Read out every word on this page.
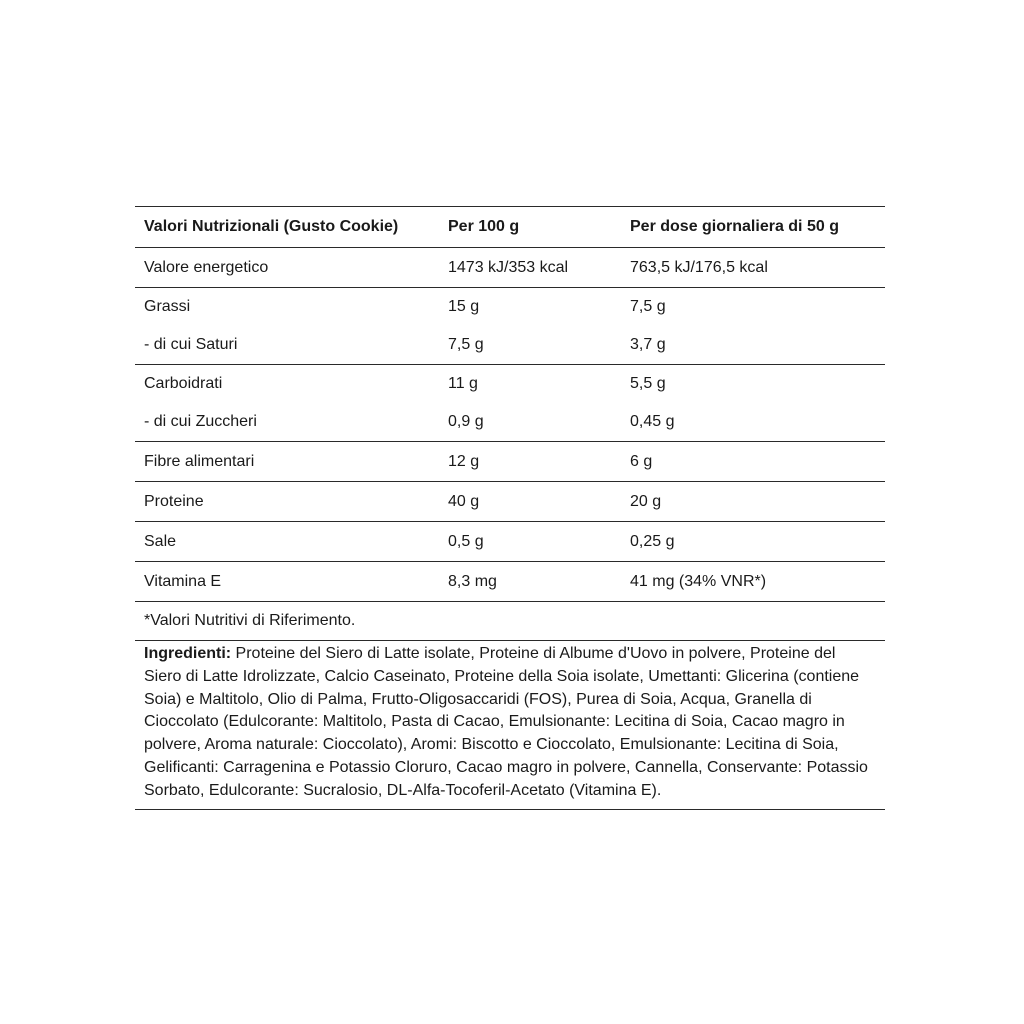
Valori Nutrizionali (Gusto Cookie)	Per 100 g	Per dose giornaliera di 50 g
Valore energetico	1473 kJ/353 kcal	763,5 kJ/176,5 kcal
Grassi	15 g	7,5 g
- di cui Saturi	7,5 g	3,7 g
Carboidrati	11 g	5,5 g
- di cui Zuccheri	0,9 g	0,45 g
Fibre alimentari	12 g	6 g
Proteine	40 g	20 g
Sale	0,5 g	0,25 g
Vitamina E	8,3 mg	41 mg (34% VNR*)
*Valori Nutritivi di Riferimento.
Ingredienti: Proteine del Siero di Latte isolate, Proteine di Albume d'Uovo in polvere, Proteine del Siero di Latte Idrolizzate, Calcio Caseinato, Proteine della Soia isolate, Umettanti: Glicerina (contiene Soia) e Maltitolo, Olio di Palma, Frutto-Oligosaccaridi (FOS), Purea di Soia, Acqua, Granella di Cioccolato (Edulcorante: Maltitolo, Pasta di Cacao, Emulsionante: Lecitina di Soia, Cacao magro in polvere, Aroma naturale: Cioccolato), Aromi: Biscotto e Cioccolato, Emulsionante: Lecitina di Soia, Gelificanti: Carragenina e Potassio Cloruro, Cacao magro in polvere, Cannella, Conservante: Potassio Sorbato, Edulcorante: Sucralosio, DL-Alfa-Tocoferil-Acetato (Vitamina E).
